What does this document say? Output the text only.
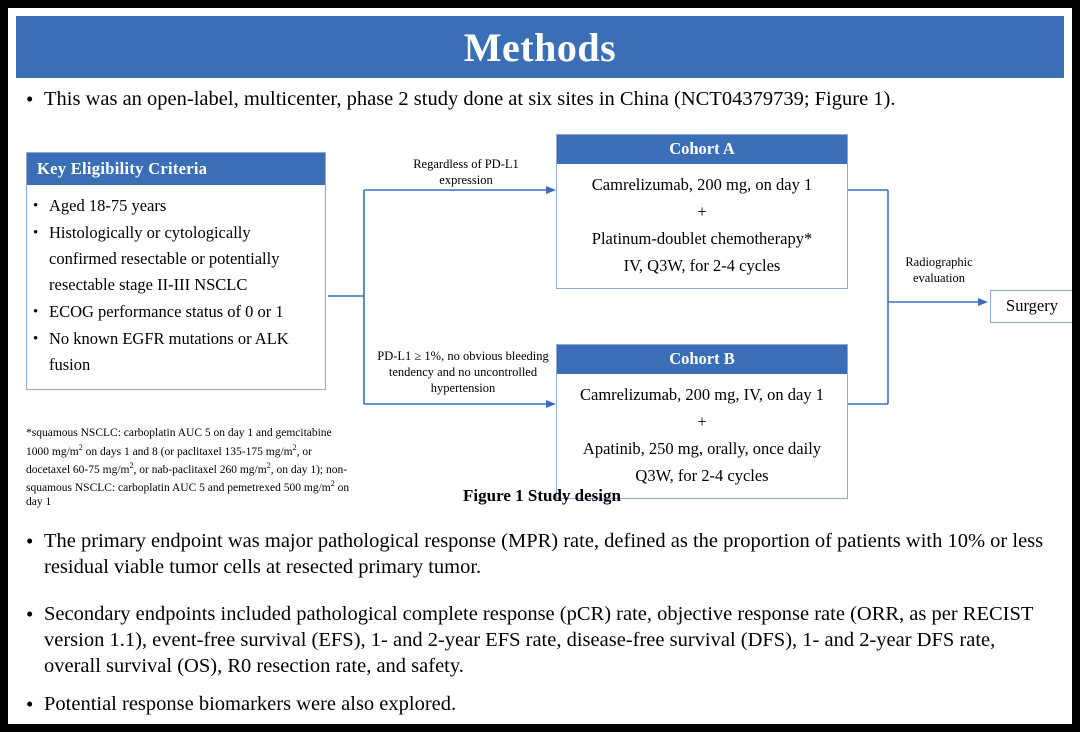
Methods
• This was an open-label, multicenter, phase 2 study done at six sites in China (NCT04379739; Figure 1).
Key Eligibility Criteria
• Aged 18-75 years
• Histologically or cytologically confirmed resectable or potentially resectable stage II-III NSCLC
• ECOG performance status of 0 or 1
• No known EGFR mutations or ALK fusion
*squamous NSCLC: carboplatin AUC 5 on day 1 and gemcitabine 1000 $mg/m^2$ on days 1 and 8 (or paclitaxel 135-175 $mg/m^2$, or docetaxel 60-75 $mg/m^2$, or nab-paclitaxel 260 $mg/m^2$, on day 1); non-squamous NSCLC: carboplatin AUC 5 and pemetrexed 500 $mg/m^2$ on day 1
Regardless of PD-L1 expression
PD-L1 ≥ 1%, no obvious bleeding tendency and no uncontrolled hypertension
Radiographic evaluation
Cohort A
Camrelizumab, 200 mg, on day 1
+
Platinum-doublet chemotherapy*
IV, Q3W, for 2-4 cycles
Cohort B
Camrelizumab, 200 mg, IV, on day 1
+
Apatinib, 250 mg, orally, once daily
Q3W, for 2-4 cycles
Surgery
Figure 1 Study design
• The primary endpoint was major pathological response (MPR) rate, defined as the proportion of patients with 10% or less residual viable tumor cells at resected primary tumor.
• Secondary endpoints included pathological complete response (pCR) rate, objective response rate (ORR, as per RECIST version 1.1), event-free survival (EFS), 1- and 2-year EFS rate, disease-free survival (DFS), 1- and 2-year DFS rate, overall survival (OS), R0 resection rate, and safety.
• Potential response biomarkers were also explored.
